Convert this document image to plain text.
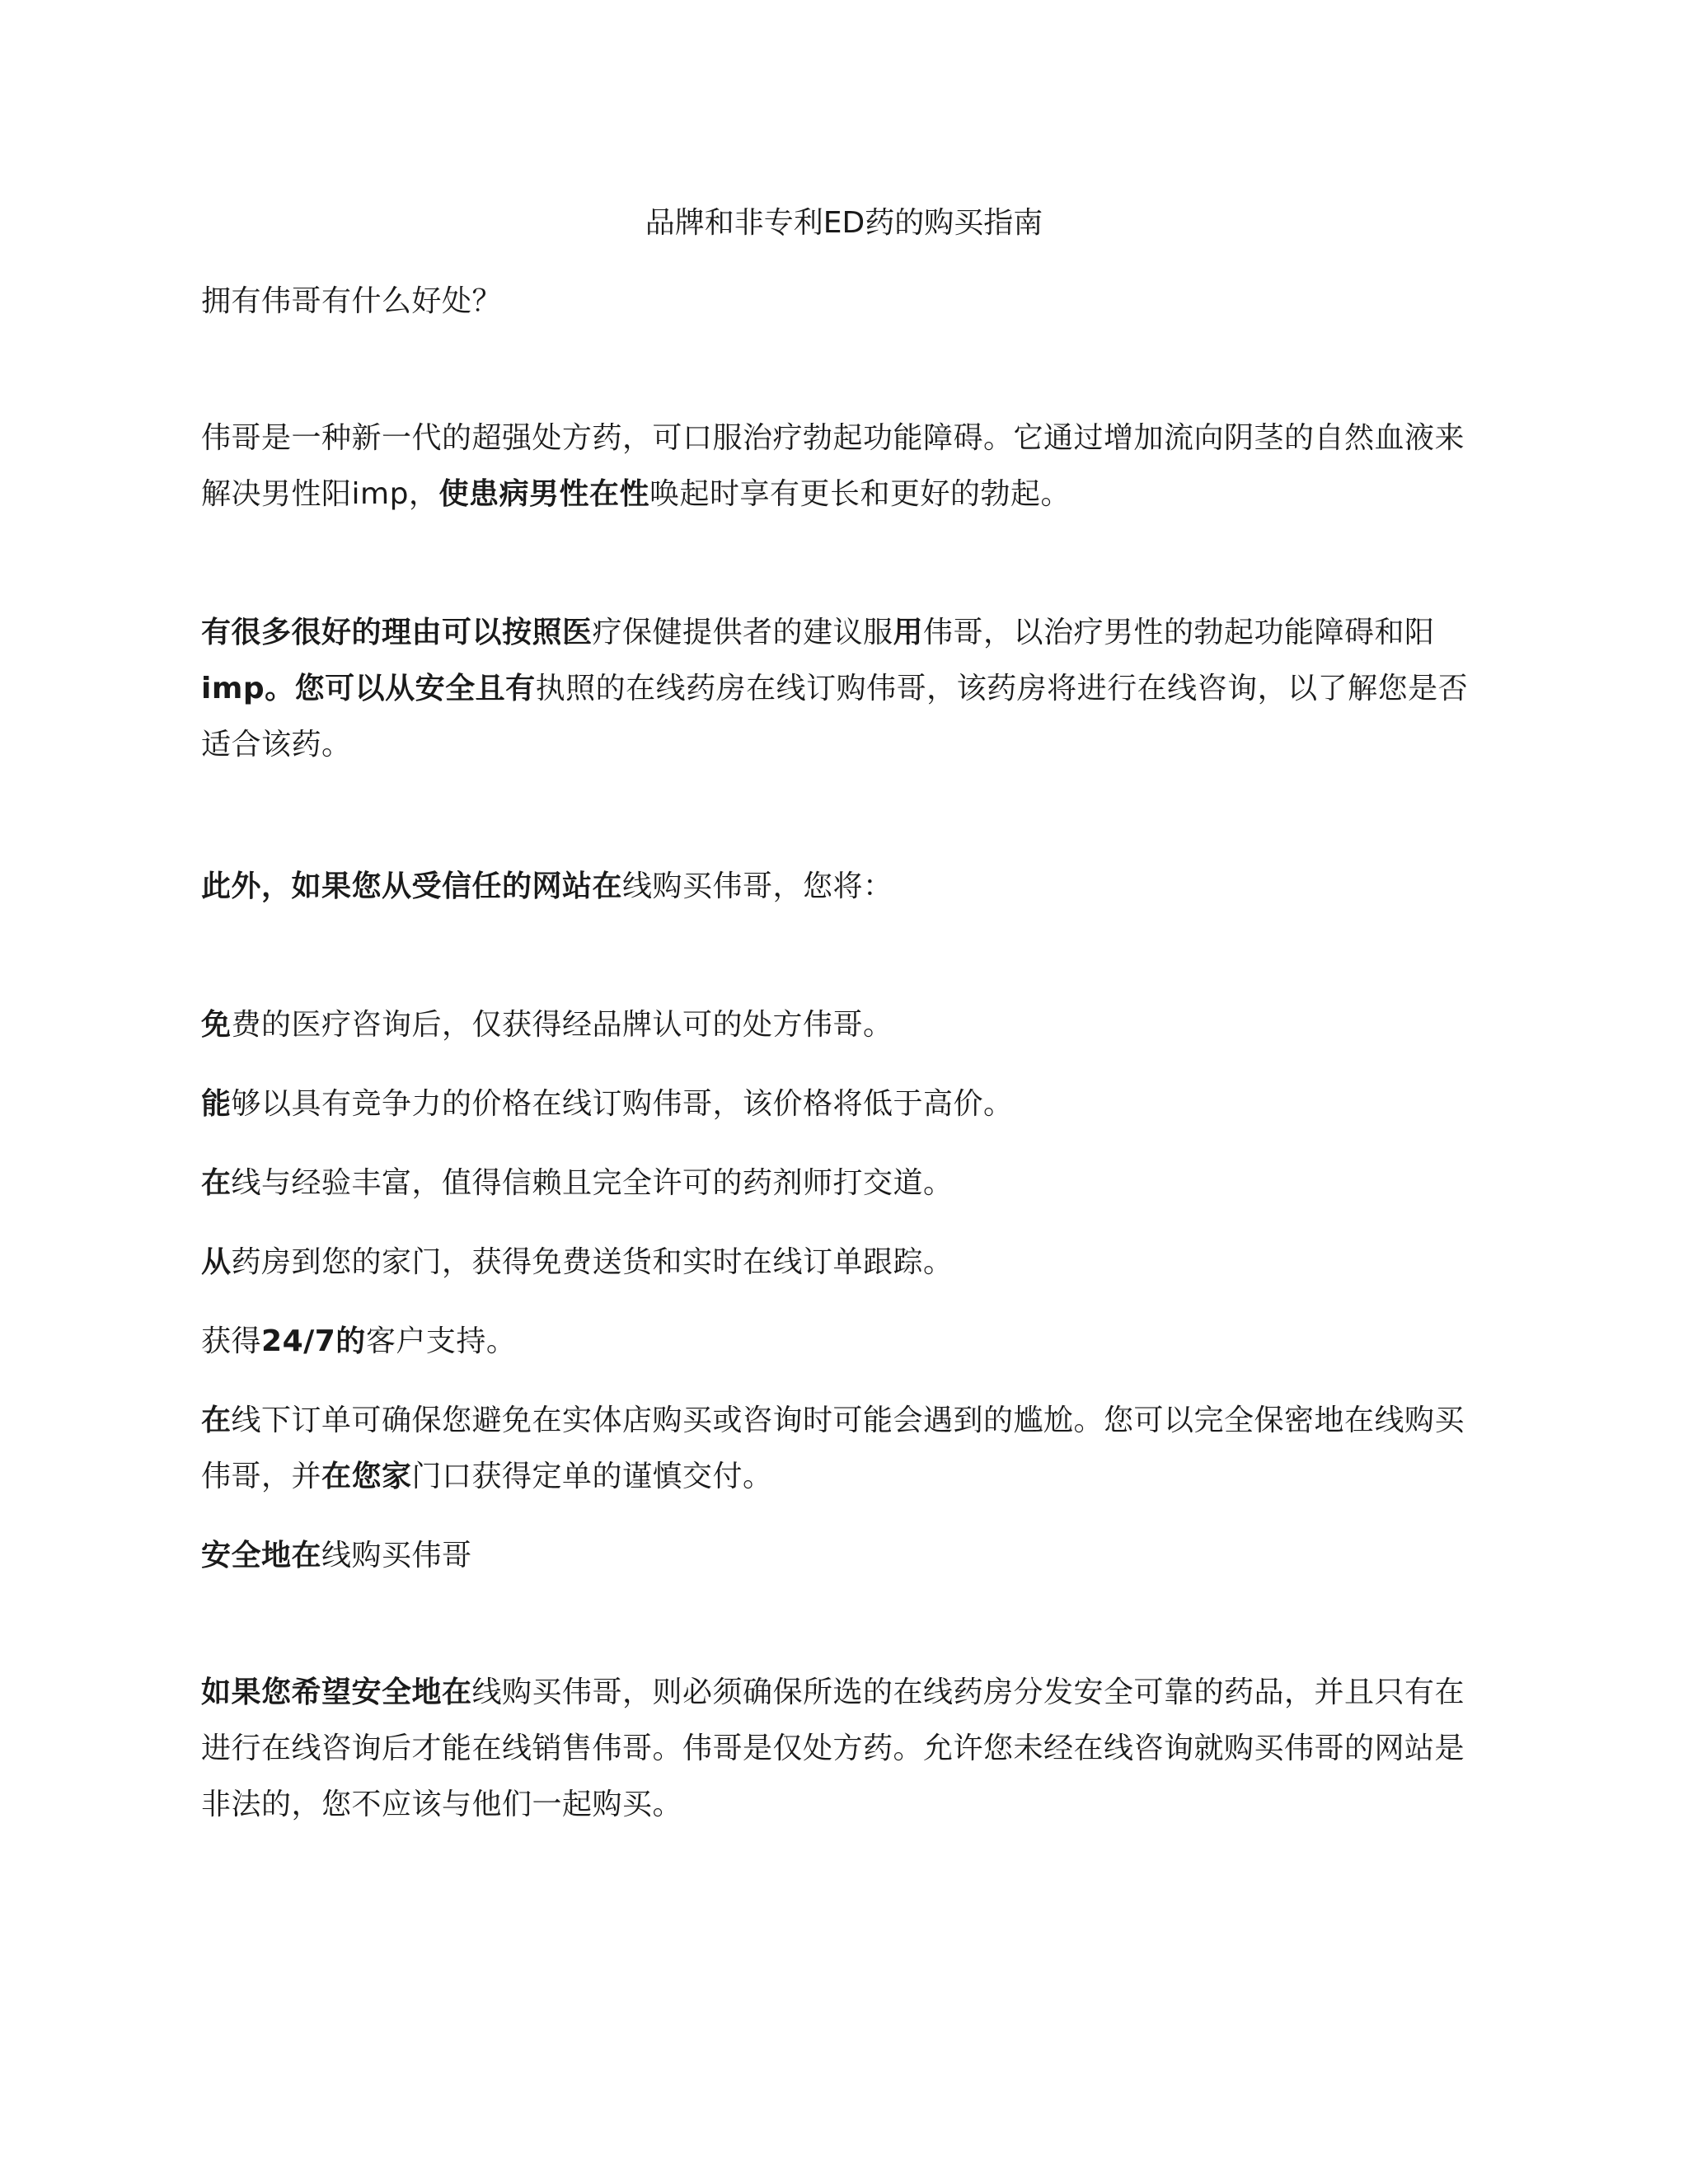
品牌和非专利ED药的购买指南

拥有伟哥有什么好处？

伟哥是一种新一代的超强处方药，可口服治疗勃起功能障碍。它通过增加流向阴茎的自然血液来
解决男性阳imp，使患病男性在性唤起时享有更长和更好的勃起。

有很多很好的理由可以按照医疗保健提供者的建议服用伟哥，以治疗男性的勃起功能障碍和阳
imp。您可以从安全且有执照的在线药房在线订购伟哥，该药房将进行在线咨询，以了解您是否
适合该药。

此外，如果您从受信任的网站在线购买伟哥，您将：

免费的医疗咨询后，仅获得经品牌认可的处方伟哥。

能够以具有竞争力的价格在线订购伟哥，该价格将低于高价。

在线与经验丰富，值得信赖且完全许可的药剂师打交道。

从药房到您的家门，获得免费送货和实时在线订单跟踪。

获得24/7的客户支持。

在线下订单可确保您避免在实体店购买或咨询时可能会遇到的尴尬。您可以完全保密地在线购买
伟哥，并在您家门口获得定单的谨慎交付。

安全地在线购买伟哥

如果您希望安全地在线购买伟哥，则必须确保所选的在线药房分发安全可靠的药品，并且只有在
进行在线咨询后才能在线销售伟哥。伟哥是仅处方药。允许您未经在线咨询就购买伟哥的网站是
非法的，您不应该与他们一起购买。
